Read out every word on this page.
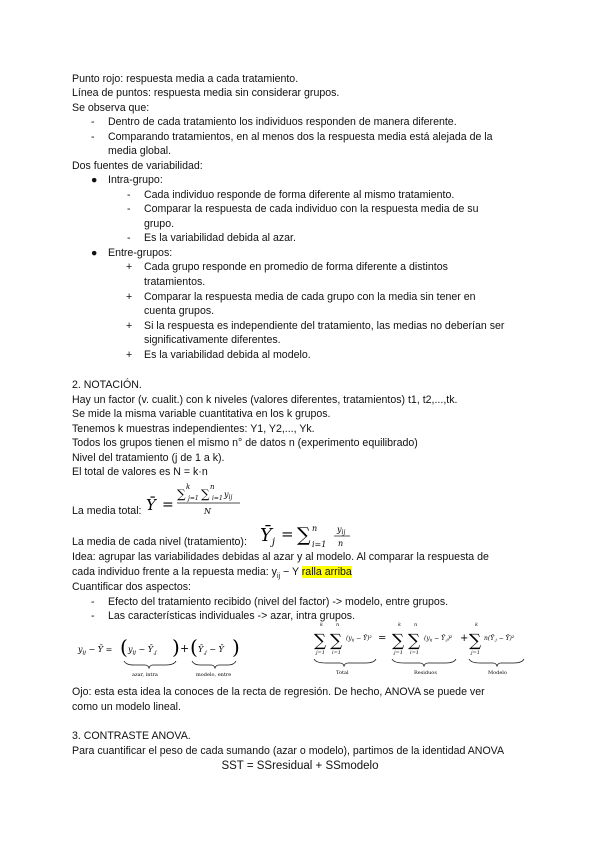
Punto rojo: respuesta media a cada tratamiento.
Línea de puntos: respuesta media sin considerar grupos.
Se observa que:
- Dentro de cada tratamiento los individuos responden de manera diferente.
- Comparando tratamientos, en al menos dos la respuesta media está alejada de la
media global.
Dos fuentes de variabilidad:
● Intra-grupo:
- Cada individuo responde de forma diferente al mismo tratamiento.
- Comparar la respuesta de cada individuo con la respuesta media de su
grupo.
- Es la variabilidad debida al azar.
● Entre-grupos:
+ Cada grupo responde en promedio de forma diferente a distintos
tratamientos.
+ Comparar la respuesta media de cada grupo con la media sin tener en
cuenta grupos.
+ Si la respuesta es independiente del tratamiento, las medias no deberían ser
significativamente diferentes.
+ Es la variabilidad debida al modelo.
2. NOTACIÓN.
Hay un factor (v. cualit.) con k niveles (valores diferentes, tratamientos) t1, t2,...,tk.
Se mide la misma variable cuantitativa en los k grupos.
Tenemos k muestras independientes: Y1, Y2,..., Yk.
Todos los grupos tienen el mismo n° de datos n (experimento equilibrado)
Nivel del tratamiento (j de 1 a k).
El total de valores es N = k·n
La media total: Ȳ =
∑ k
j=1 ∑ n
i=1 $y_{ij}$
N
$Ȳ_j$ = ∑ n
i=1
$y_{ij}$
n
La media de cada nivel (tratamiento):
Idea: agrupar las variabilidades debidas al azar y al modelo. Al comparar la respuesta de
cada individuo frente a la repuesta media: $y_{ij} - Y$ ralla arriba
Cuantificar dos aspectos:
- Efecto del tratamiento recibido (nivel del factor) -> modelo, entre grupos.
- Las características individuales -> azar, intra grupos.
$y_{ij}$ − Ȳ = ( $y_{ij}$ − $Ȳ_{.j}$ ) + ( $Ȳ_{.j}$ − Ȳ )
azar, intra	modelo, entre
∑ ∑
k	n
j=1 i=1
(yij − Ȳ)² = ∑ ∑
k	n
j=1 i=1
(yij − Ȳ.j)² + ∑
k
j=1
n(Ȳ.j − Ȳ)²
Total	Residuos	Modelo
Ojo: esta esta idea la conoces de la recta de regresión. De hecho, ANOVA se puede ver
como un modelo lineal.
3. CONTRASTE ANOVA.
Para cuantificar el peso de cada sumando (azar o modelo), partimos de la identidad ANOVA
SST = SSresidual + SSmodelo
